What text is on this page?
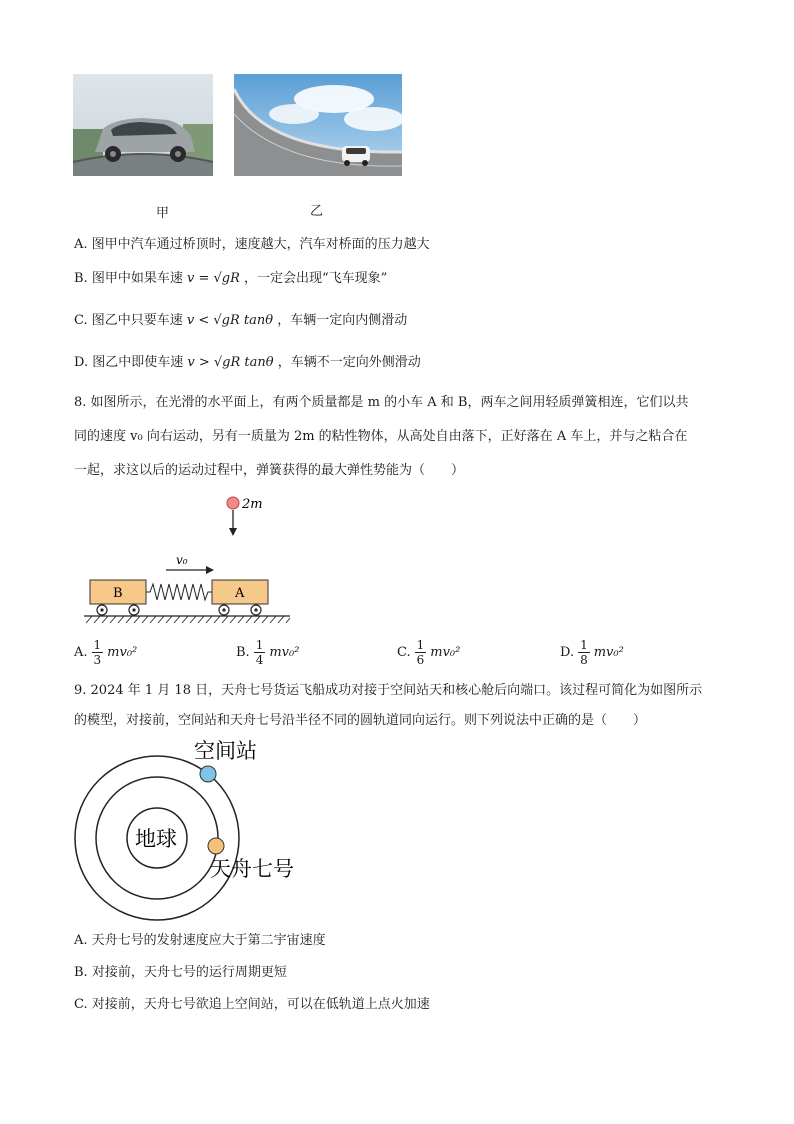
甲	乙
A. 图甲中汽车通过桥顶时，速度越大，汽车对桥面的压力越大
B. 图甲中如果车速 v = √gR ，一定会出现“飞车现象”
C. 图乙中只要车速 v < √gR tanθ ，车辆一定向内侧滑动
D. 图乙中即使车速 v > √gR tanθ ，车辆不一定向外侧滑动
8. 如图所示，在光滑的水平面上，有两个质量都是 m 的小车 A 和 B，两车之间用轻质弹簧相连，它们以共
同的速度 v₀ 向右运动，另有一质量为 2m 的粘性物体，从高处自由落下，正好落在 A 车上，并与之粘合在
一起，求这以后的运动过程中，弹簧获得的最大弹性势能为（　　）
2m
v₀
B	A
A. $\frac{1}{3} mv_0^2$	B. $\frac{1}{4} mv_0^2$	C. $\frac{1}{6} mv_0^2$	D. $\frac{1}{8} mv_0^2$
9. 2024 年 1 月 18 日，天舟七号货运飞船成功对接于空间站天和核心舱后向端口。该过程可简化为如图所示
的模型，对接前，空间站和天舟七号沿半径不同的圆轨道同向运行。则下列说法中正确的是（　　）
空间站
地球
天舟七号
A. 天舟七号的发射速度应大于第二宇宙速度
B. 对接前，天舟七号的运行周期更短
C. 对接前，天舟七号欲追上空间站，可以在低轨道上点火加速
